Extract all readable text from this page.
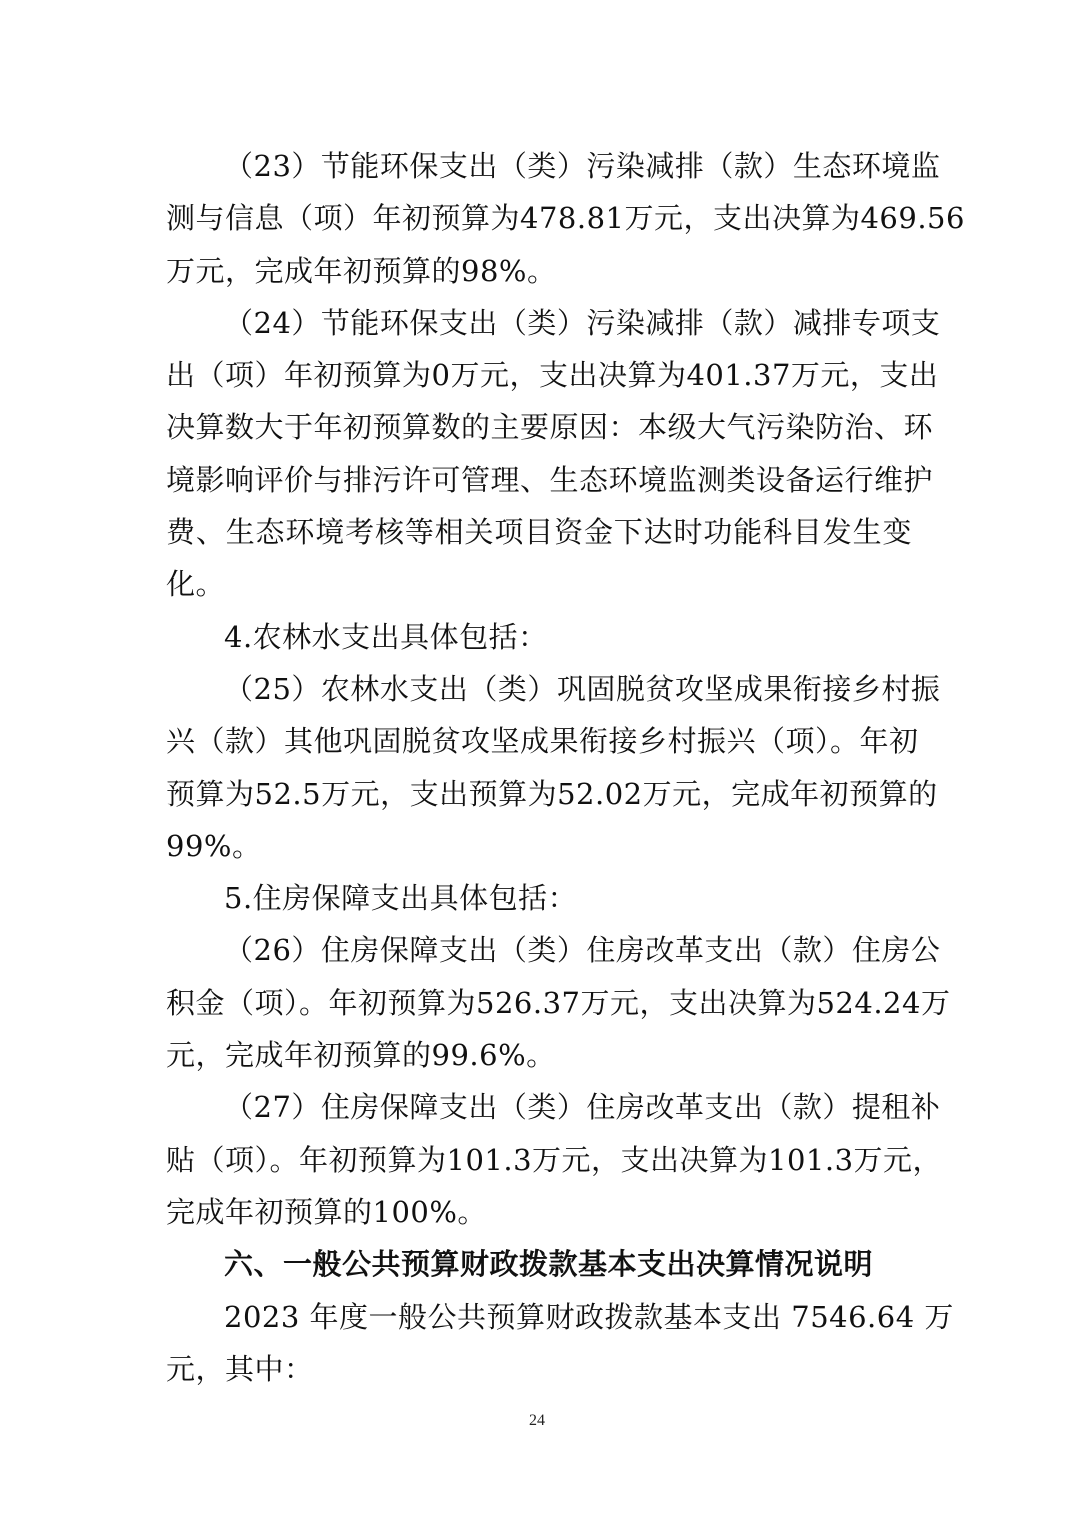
（23）节能环保支出（类）污染减排（款）生态环境监
测与信息（项）年初预算为478.81万元，支出决算为469.56
万元，完成年初预算的98%。
（24）节能环保支出（类）污染减排（款）减排专项支
出（项）年初预算为0万元，支出决算为401.37万元，支出
决算数大于年初预算数的主要原因：本级大气污染防治、环
境影响评价与排污许可管理、生态环境监测类设备运行维护
费、生态环境考核等相关项目资金下达时功能科目发生变
化。
4.农林水支出具体包括：
（25）农林水支出（类）巩固脱贫攻坚成果衔接乡村振
兴（款）其他巩固脱贫攻坚成果衔接乡村振兴（项）。年初
预算为52.5万元，支出预算为52.02万元，完成年初预算的
99%。
5.住房保障支出具体包括：
（26）住房保障支出（类）住房改革支出（款）住房公
积金（项）。年初预算为526.37万元，支出决算为524.24万
元，完成年初预算的99.6%。
（27）住房保障支出（类）住房改革支出（款）提租补
贴（项）。年初预算为101.3万元，支出决算为101.3万元，
完成年初预算的100%。
六、一般公共预算财政拨款基本支出决算情况说明
2023 年度一般公共预算财政拨款基本支出 7546.64 万
元，其中：
24
